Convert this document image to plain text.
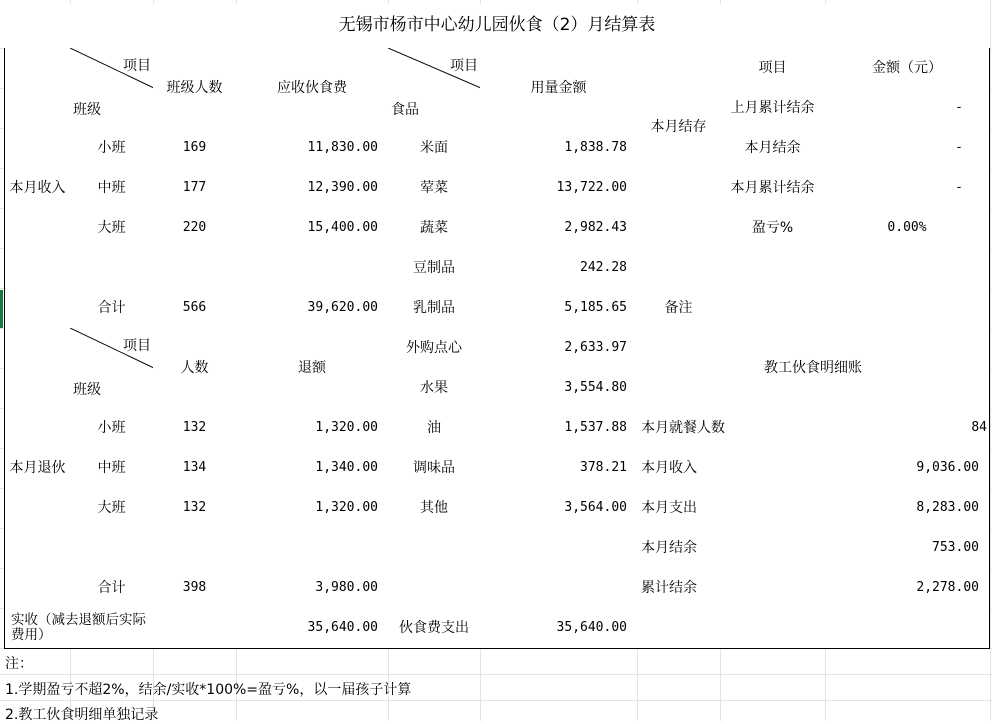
无锡市杨市中心幼儿园伙食（2）月结算表
本月收入
项目
班级
班级人数	应收伙食费
小班	169	11,830.00
中班	177	12,390.00
大班	220	15,400.00
合计	566	39,620.00
本月退伙
项目
班级
人数	退额
小班	132	1,320.00
中班	134	1,340.00
大班	132	1,320.00
合计	398	3,980.00
实收（减去退额后实际费用）	35,640.00
项目
食品
用量金额
米面	1,838.78
荤菜	13,722.00
蔬菜	2,982.43
豆制品	242.28
乳制品	5,185.65
外购点心	2,633.97
水果	3,554.80
油	1,537.88
调味品	378.21
其他	3,564.00
伙食费支出	35,640.00
本月结存
项目	金额（元）
上月累计结余	-
本月结余	-
本月累计结余	-
盈亏%	0.00%
备注
教工伙食明细账
本月就餐人数	84
本月收入	9,036.00
本月支出	8,283.00
本月结余	753.00
累计结余	2,278.00
注：
1.学期盈亏不超2%，结余/实收*100%=盈亏%，以一届孩子计算
2.教工伙食明细单独记录
